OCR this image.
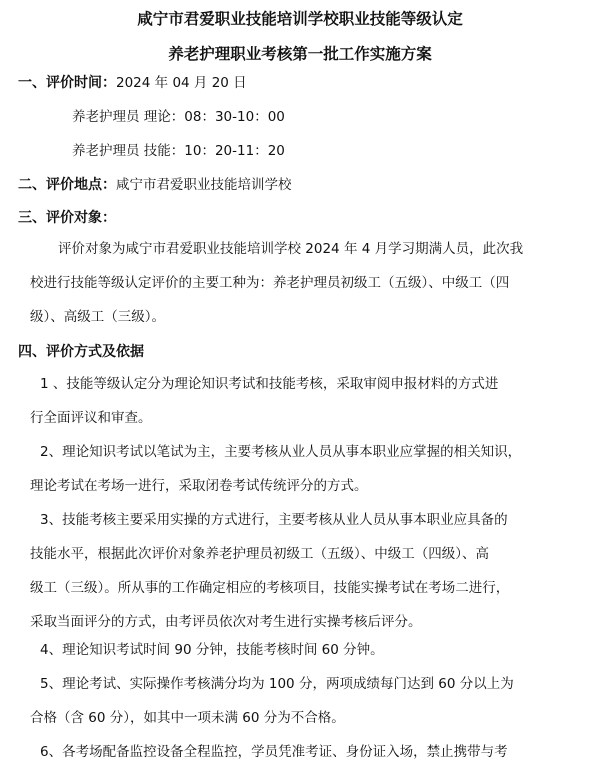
咸宁市君爱职业技能培训学校职业技能等级认定
养老护理职业考核第一批工作实施方案
一、评价时间：2024 年 04 月 20 日
养老护理员 理论：08：30-10：00
养老护理员 技能：10：20-11：20
二、评价地点：咸宁市君爱职业技能培训学校
三、评价对象：
评价对象为咸宁市君爱职业技能培训学校 2024 年 4 月学习期满人员，此次我
校进行技能等级认定评价的主要工种为：养老护理员初级工（五级）、中级工（四
级）、高级工（三级）。
四、评价方式及依据
1 、技能等级认定分为理论知识考试和技能考核，采取审阅申报材料的方式进
行全面评议和审查。
2、理论知识考试以笔试为主，主要考核从业人员从事本职业应掌握的相关知识，
理论考试在考场一进行，采取闭卷考试传统评分的方式。
3、技能考核主要采用实操的方式进行，主要考核从业人员从事本职业应具备的
技能水平，根据此次评价对象养老护理员初级工（五级）、中级工（四级）、高
级工（三级）。所从事的工作确定相应的考核项目，技能实操考试在考场二进行，
采取当面评分的方式，由考评员依次对考生进行实操考核后评分。
4、理论知识考试时间 90 分钟，技能考核时间 60 分钟。
5、理论考试、实际操作考核满分均为 100 分，两项成绩每门达到 60 分以上为
合格（含 60 分），如其中一项未满 60 分为不合格。
6、各考场配备监控设备全程监控，学员凭准考证、身份证入场，禁止携带与考
